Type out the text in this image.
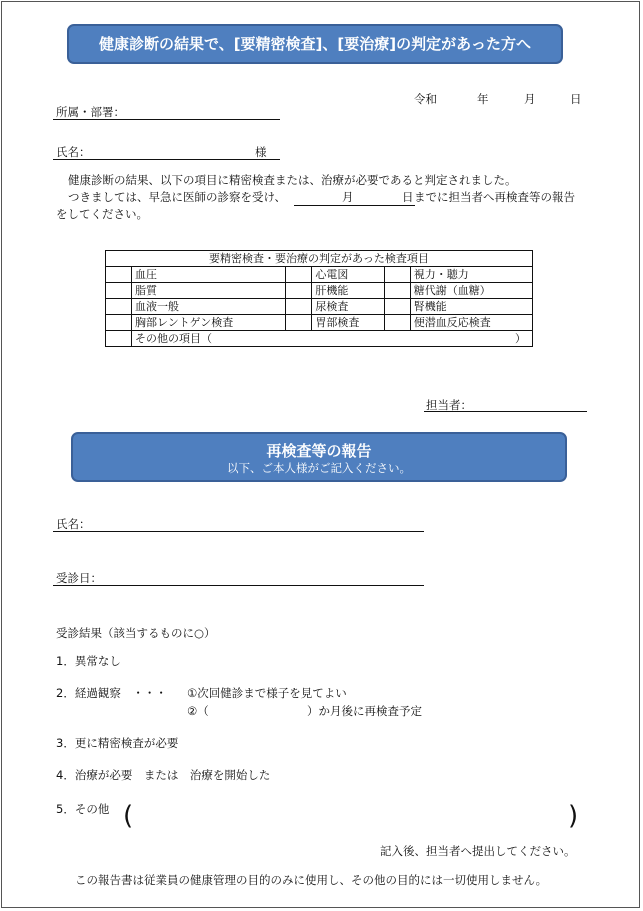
健康診断の結果で、[要精密検査]、[要治療]の判定があった方へ
令和	年	月	日
所属・部署：
氏名：	様
健康診断の結果、以下の項目に精密検査または、治療が必要であると判定されました。
つきましては、早急に医師の診察を受け、	月	日 までに担当者へ再検査等の報告
をしてください。
要精密検査・要治療の判定があった検査項目					
	血圧		心電図		視力・聴力
	脂質		肝機能		糖代謝（血糖）
	血液一般		尿検査		腎機能
	胸部レントゲン検査		胃部検査		便潜血反応検査
	その他の項目（ ）				
担当者：
再検査等の報告
以下、ご本人様がご記入ください。
氏名：
受診日：
受診結果（該当するものに○）
1．異常なし
2．経過観察　・・・ ①次回健診まで様子を見てよい
②（	）か月後に再検査予定
3．更に精密検査が必要
4．治療が必要　または　治療を開始した
5．その他 (	)
記入後、担当者へ提出してください。
この報告書は従業員の健康管理の目的のみに使用し、その他の目的には一切使用しません。
